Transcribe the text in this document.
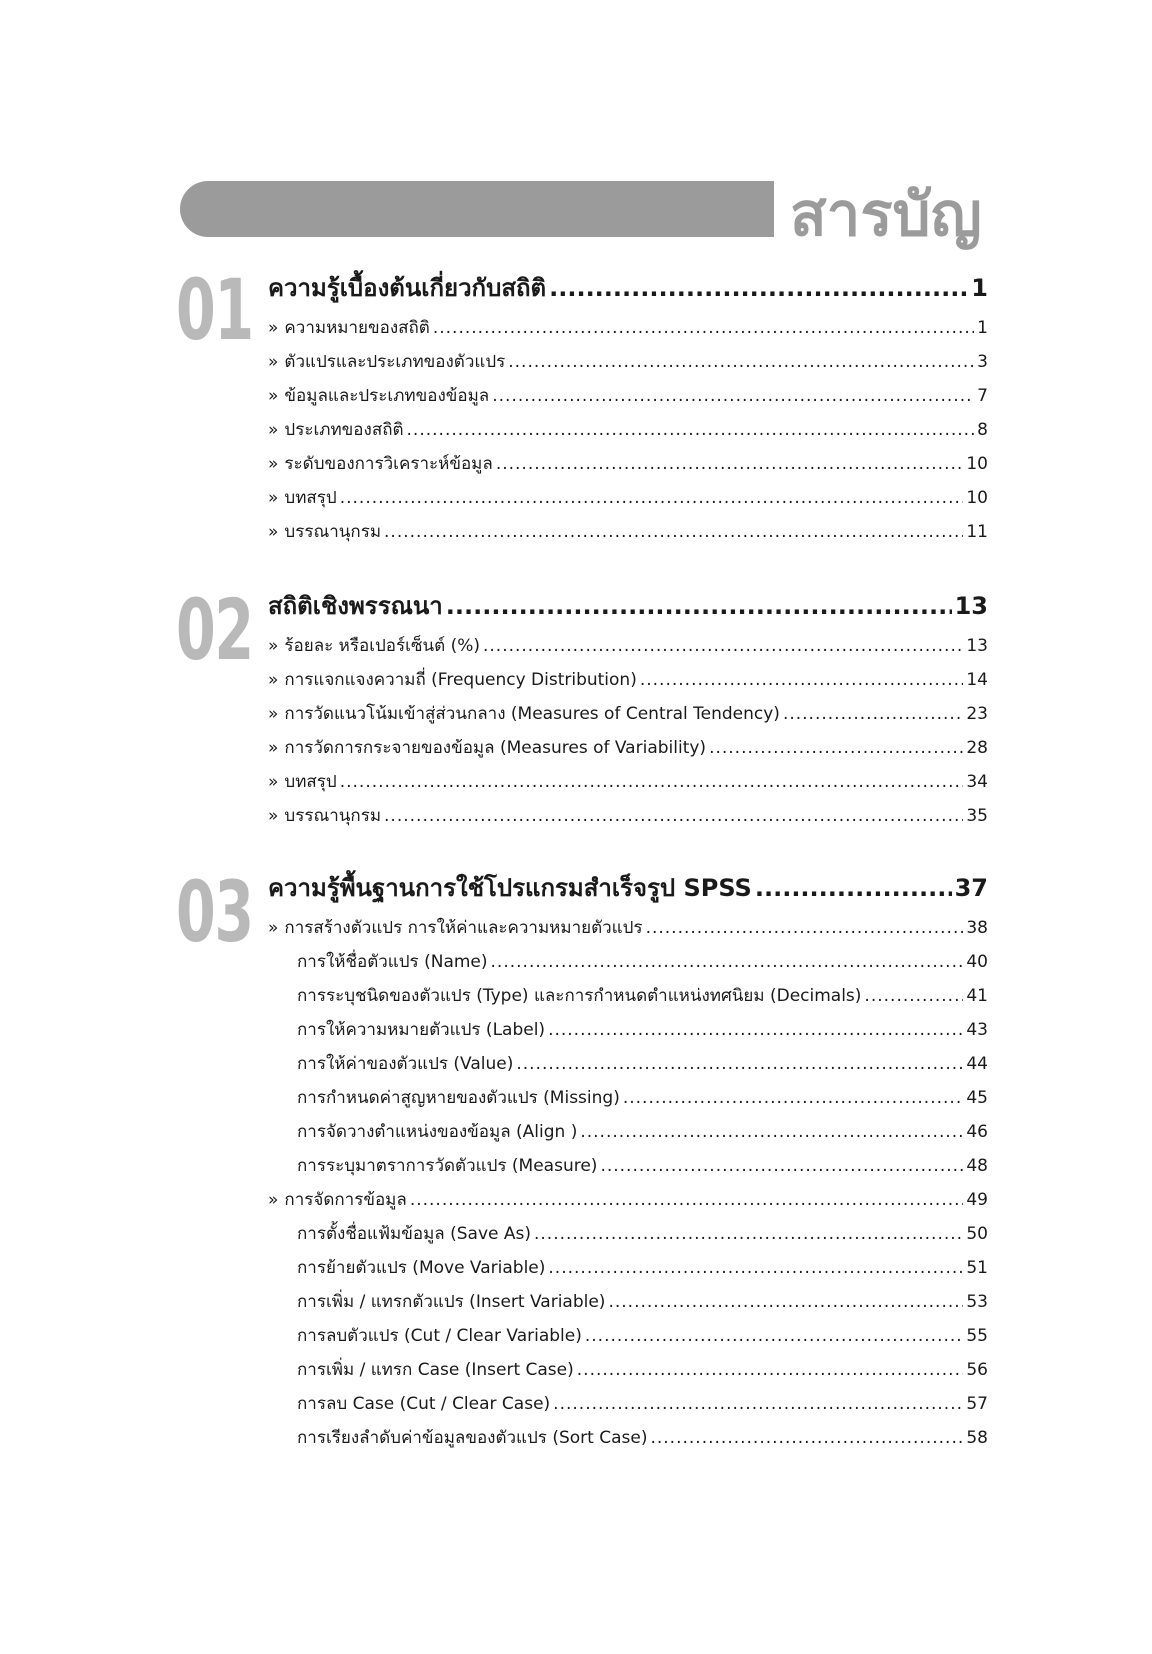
สารบัญ
01 ความรู้เบื้องต้นเกี่ยวกับสถิติ .....	1
» ความหมายของสถิติ .....	1
» ตัวแปรและประเภทของตัวแปร .....	3
» ข้อมูลและประเภทของข้อมูล .....	7
» ประเภทของสถิติ .....	8
» ระดับของการวิเคราะห์ข้อมูล .....	10
» บทสรุป .....	10
» บรรณานุกรม .....	11
02 สถิติเชิงพรรณนา .....	13
» ร้อยละ หรือเปอร์เซ็นต์ (%) .....	13
» การแจกแจงความถี่ (Frequency Distribution) .....	14
» การวัดแนวโน้มเข้าสู่ส่วนกลาง (Measures of Central Tendency) .....	23
» การวัดการกระจายของข้อมูล (Measures of Variability) .....	28
» บทสรุป .....	34
» บรรณานุกรม .....	35
03 ความรู้พื้นฐานการใช้โปรแกรมสำเร็จรูป SPSS .....	37
» การสร้างตัวแปร การให้ค่าและความหมายตัวแปร .....	38
การให้ชื่อตัวแปร (Name) .....	40
การระบุชนิดของตัวแปร (Type) และการกำหนดตำแหน่งทศนิยม (Decimals) .....	41
การให้ความหมายตัวแปร (Label) .....	43
การให้ค่าของตัวแปร (Value) .....	44
การกำหนดค่าสูญหายของตัวแปร (Missing) .....	45
การจัดวางตำแหน่งของข้อมูล (Align ) .....	46
การระบุมาตราการวัดตัวแปร (Measure) .....	48
» การจัดการข้อมูล .....	49
การตั้งชื่อแฟ้มข้อมูล (Save As) .....	50
การย้ายตัวแปร (Move Variable) .....	51
การเพิ่ม / แทรกตัวแปร (Insert Variable) .....	53
การลบตัวแปร (Cut / Clear Variable) .....	55
การเพิ่ม / แทรก Case (Insert Case) .....	56
การลบ Case (Cut / Clear Case) .....	57
การเรียงลำดับค่าข้อมูลของตัวแปร (Sort Case) .....	58
